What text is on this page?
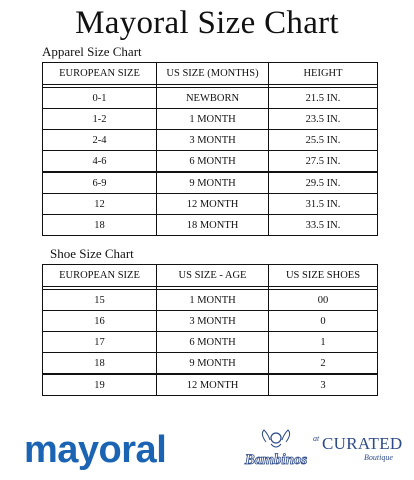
Mayoral Size Chart
Apparel Size Chart
EUROPEAN SIZE	US SIZE (MONTHS)	HEIGHT

0-1	NEWBORN	21.5 IN.
1-2	1 MONTH	23.5 IN.
2-4	3 MONTH	25.5 IN.
4-6	6 MONTH	27.5 IN.
6-9	9 MONTH	29.5 IN.
12	12 MONTH	31.5 IN.
18	18 MONTH	33.5 IN.
Shoe Size Chart
EUROPEAN SIZE	US SIZE - AGE	US SIZE SHOES

15	1 MONTH	00
16	3 MONTH	0
17	6 MONTH	1
18	9 MONTH	2
19	12 MONTH	3
mayoral	Bambinos
at CURATED
Boutique
